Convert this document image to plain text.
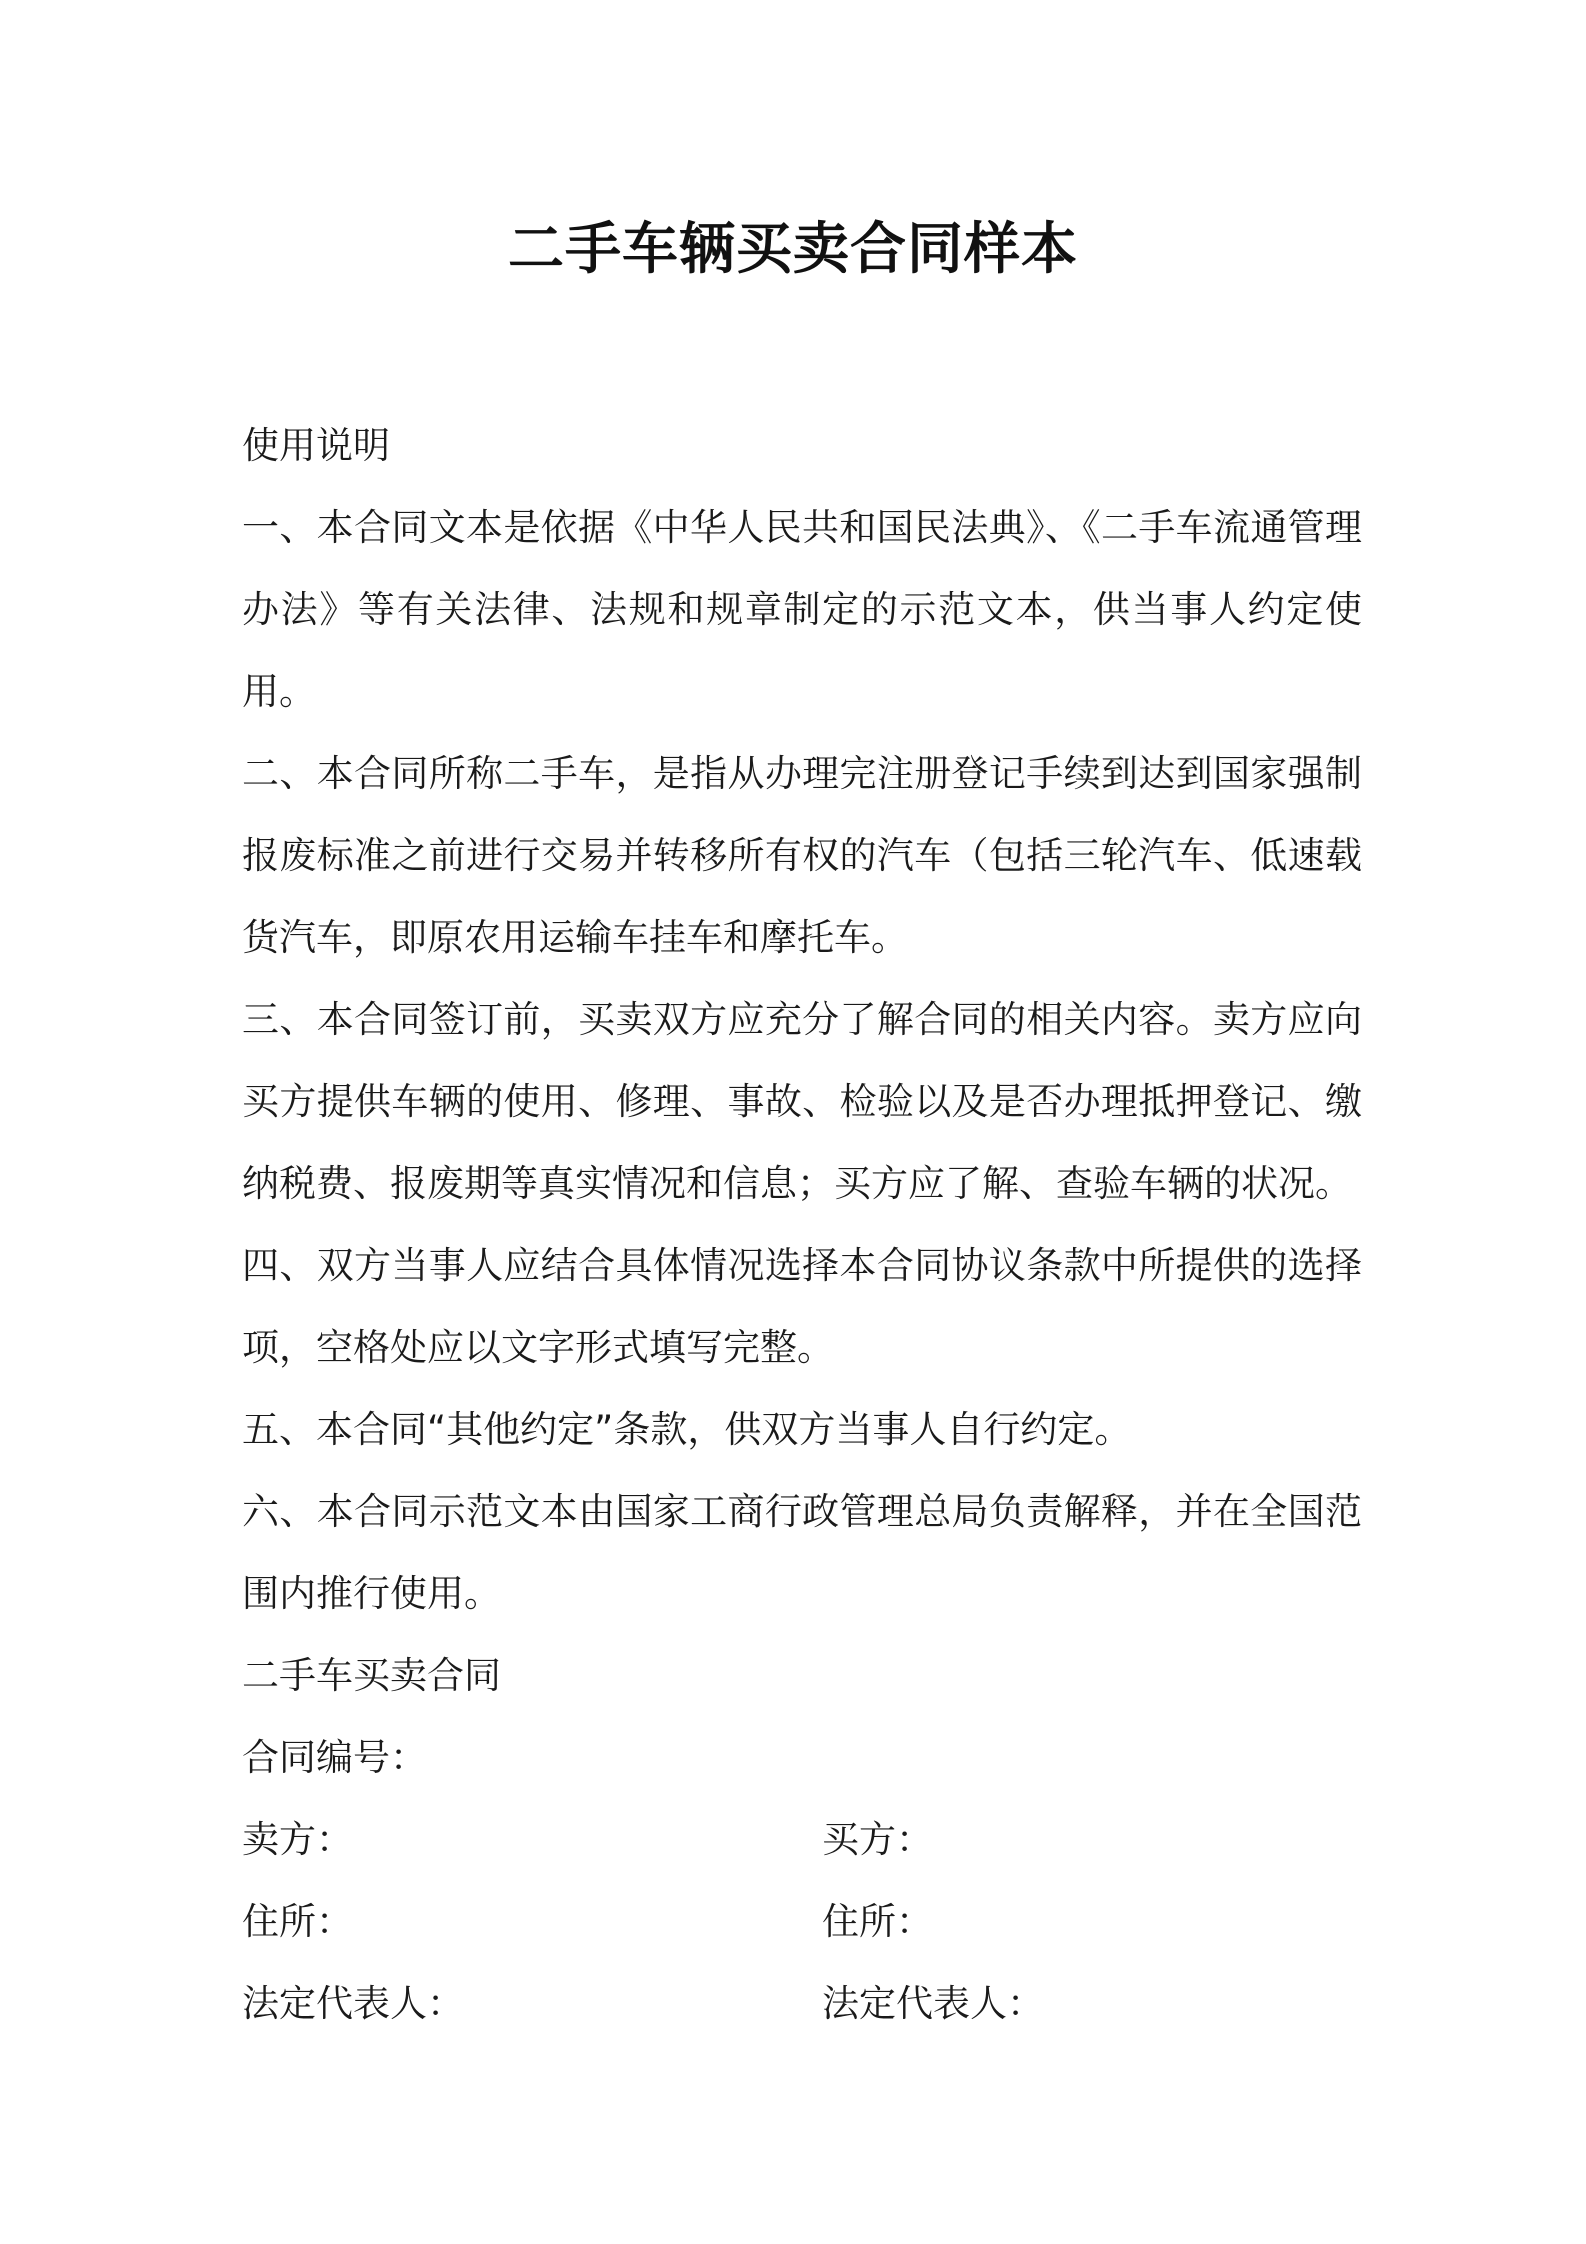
二手车辆买卖合同样本

使用说明

一、本合同文本是依据《中华人民共和国民法典》、《二手车流通管理办法》等有关法律、法规和规章制定的示范文本，供当事人约定使用。

二、本合同所称二手车，是指从办理完注册登记手续到达到国家强制报废标准之前进行交易并转移所有权的汽车（包括三轮汽车、低速载货汽车，即原农用运输车挂车和摩托车。

三、本合同签订前，买卖双方应充分了解合同的相关内容。卖方应向买方提供车辆的使用、修理、事故、检验以及是否办理抵押登记、缴纳税费、报废期等真实情况和信息；买方应了解、查验车辆的状况。

四、双方当事人应结合具体情况选择本合同协议条款中所提供的选择项，空格处应以文字形式填写完整。

五、本合同“其他约定”条款，供双方当事人自行约定。

六、本合同示范文本由国家工商行政管理总局负责解释，并在全国范围内推行使用。

二手车买卖合同

合同编号：

卖方：	买方：
住所：	住所：
法定代表人：	法定代表人：
